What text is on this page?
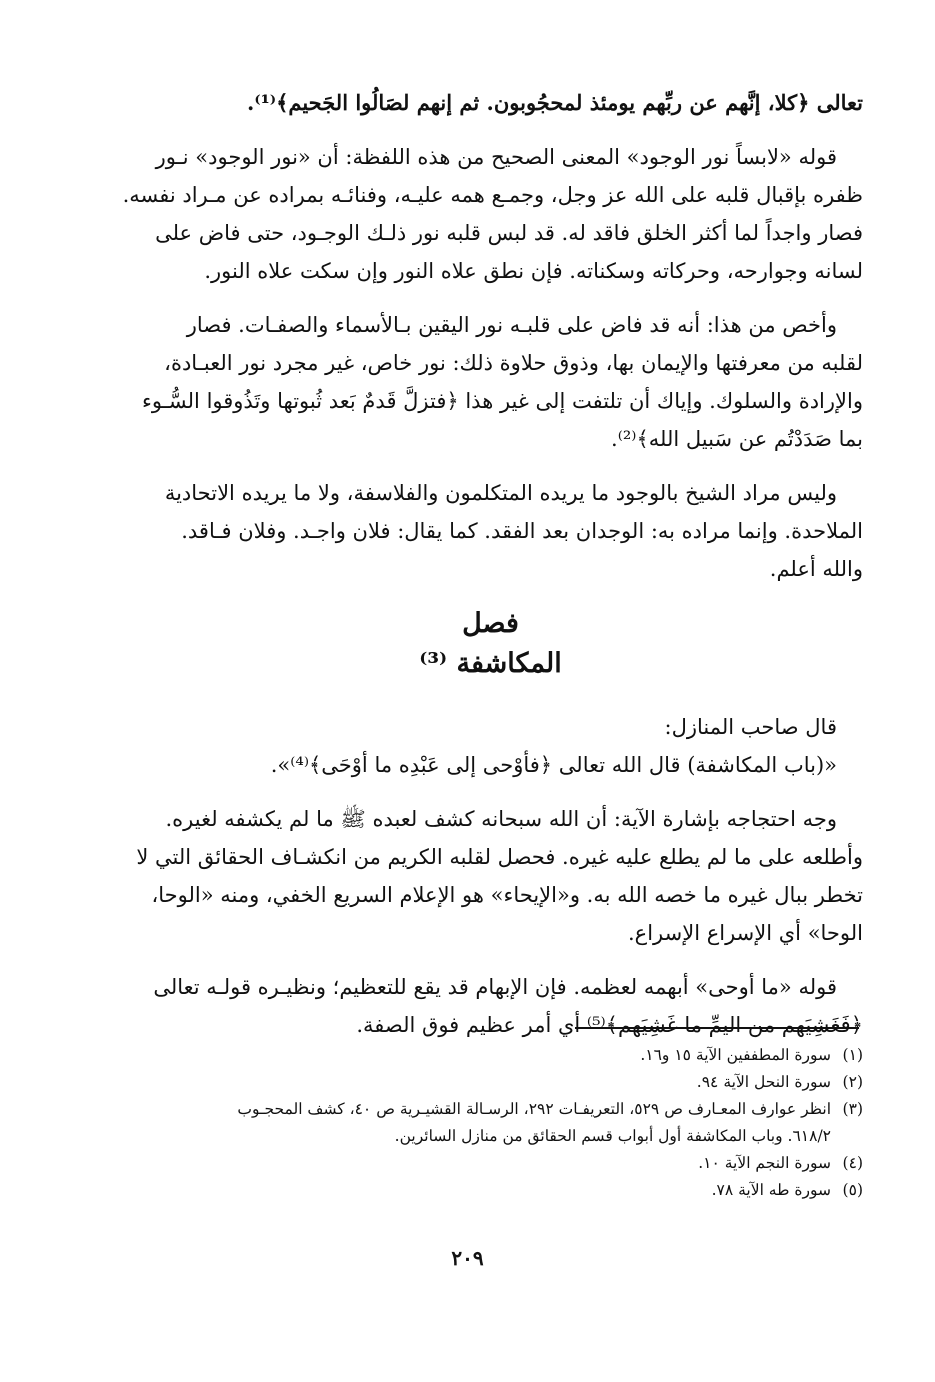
تعالى ﴿كلا، إنَّهم عن ربِّهم يومئذ لمحجُوبون. ثم إنهم لصَالُوا الجَحيم﴾⁽¹⁾.
قوله «لابساً نور الوجود» المعنى الصحيح من هذه اللفظة: أن «نور الوجود» نـور
ظفره بإقبال قلبه على الله عز وجل، وجمـع همه عليـه، وفنائـه بمراده عن مـراد نفسه.
فصار واجداً لما أكثر الخلق فاقد له. قد لبس قلبه نور ذلـك الوجـود، حتى فاض على
لسانه وجوارحه، وحركاته وسكناته. فإن نطق علاه النور وإن سكت علاه النور.
وأخص من هذا: أنه قد فاض على قلبـه نور اليقين بـالأسماء والصفـات. فصار
لقلبه من معرفتها والإيمان بها، وذوق حلاوة ذلك: نور خاص، غير مجرد نور العبـادة،
والإرادة والسلوك. وإياك أن تلتفت إلى غير هذا ﴿فتزلَّ قَدمٌ بَعد ثُبوتها وتَذُوقوا السُّـوء
بما صَدَدْتُم عن سَبيل الله﴾⁽²⁾.
وليس مراد الشيخ بالوجود ما يريده المتكلمون والفلاسفة، ولا ما يريده الاتحادية
الملاحدة. وإنما مراده به: الوجدان بعد الفقد. كما يقال: فلان واجـد. وفلان فـاقد.
والله أعلم.
فصل
المكاشفة ⁽³⁾
قال صاحب المنازل:
«(باب المكاشفة) قال الله تعالى ﴿فأوْحى إلى عَبْدِه ما أوْحَى﴾⁽⁴⁾».
وجه احتجاجه بإشارة الآية: أن الله سبحانه كشف لعبده ﷺ ما لم يكشفه لغيره.
وأطلعه على ما لم يطلع عليه غيره. فحصل لقلبه الكريم من انكشـاف الحقائق التي لا
تخطر ببال غيره ما خصه الله به. و«الإيحاء» هو الإعلام السريع الخفي، ومنه «الوحا،
الوحا» أي الإسراع الإسراع.
قوله «ما أوحى» أبهمه لعظمه. فإن الإبهام قد يقع للتعظيم؛ ونظيـره قولـه تعالى
﴿فَغَشِيَهم من اليمِّ ما غَشِيَهم﴾⁽⁵⁾ أي أمر عظيم فوق الصفة.

(١)سورة المطففين الآية ١٥ و١٦.

(٢)سورة النحل الآية ٩٤.

(٣)انظر عوارف المعـارف ص ٥٢٩، التعريفـات ٢٩٢، الرسـالة القشيـرية ص ٤٠، كشف المحجـوب

٦١٨/٢. وباب المكاشفة أول أبواب قسم الحقائق من منازل السائرين.

(٤)سورة النجم الآية ١٠.

(٥)سورة طه الآية ٧٨.

٢٠٩
